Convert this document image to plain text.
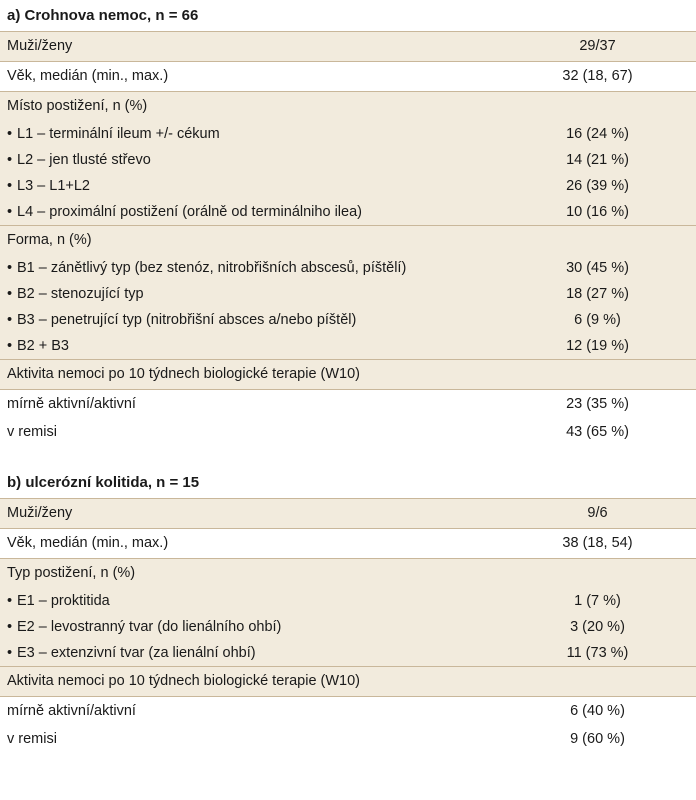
a) Crohnova nemoc, n = 66
Muži/ženy	29/37
Věk, medián (min., max.)	32 (18, 67)
Místo postižení, n (%)
• L1 – terminální ileum +/- cékum	16 (24 %)
• L2 – jen tlusté střevo	14 (21 %)
• L3 – L1+L2	26 (39 %)
• L4 – proximální postižení (orálně od terminálniho ilea)	10 (16 %)
Forma, n (%)
• B1 – zánětlivý typ (bez stenóz, nitrobřišních abscesů, píštělí)	30 (45 %)
• B2 – stenozující typ	18 (27 %)
• B3 – penetrující typ (nitrobřišní absces a/nebo píštěl)	6 (9 %)
• B2 + B3	12 (19 %)
Aktivita nemoci po 10 týdnech biologické terapie (W10)
mírně aktivní/aktivní	23 (35 %)
v remisi	43 (65 %)
b) ulcerózní kolitida, n = 15
Muži/ženy	9/6
Věk, medián (min., max.)	38 (18, 54)
Typ postižení, n (%)
• E1 – proktitida	1 (7 %)
• E2 – levostranný tvar (do lienálního ohbí)	3 (20 %)
• E3 – extenzivní tvar (za lienální ohbí)	11 (73 %)
Aktivita nemoci po 10 týdnech biologické terapie (W10)
mírně aktivní/aktivní	6 (40 %)
v remisi	9 (60 %)
